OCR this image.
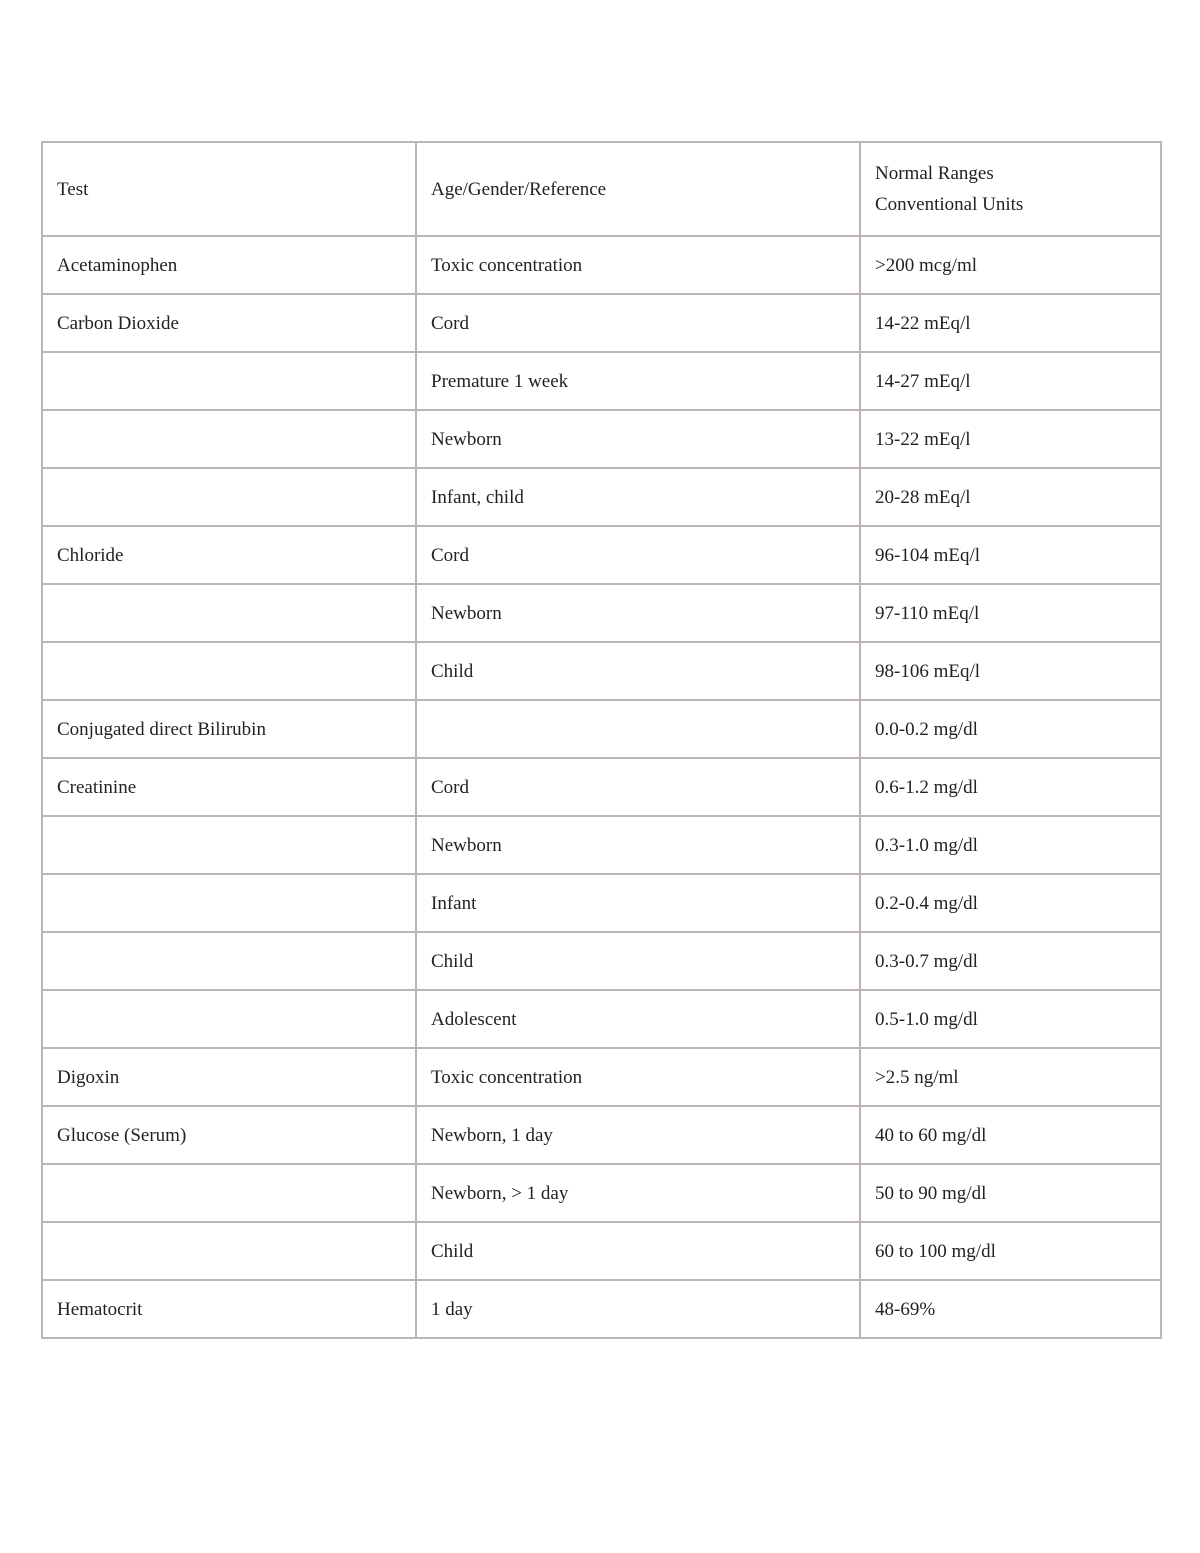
Test	Age/Gender/Reference	Normal Ranges
Conventional Units

Acetaminophen	Toxic concentration	>200 mcg/ml
Carbon Dioxide	Cord	14-22 mEq/l
	Premature 1 week	14-27 mEq/l
	Newborn	13-22 mEq/l
	Infant, child	20-28 mEq/l
Chloride	Cord	96-104 mEq/l
	Newborn	97-110 mEq/l
	Child	98-106 mEq/l
Conjugated direct Bilirubin		0.0-0.2 mg/dl
Creatinine	Cord	0.6-1.2 mg/dl
	Newborn	0.3-1.0 mg/dl
	Infant	0.2-0.4 mg/dl
	Child	0.3-0.7 mg/dl
	Adolescent	0.5-1.0 mg/dl
Digoxin	Toxic concentration	>2.5 ng/ml
Glucose (Serum)	Newborn, 1 day	40 to 60 mg/dl
	Newborn, > 1 day	50 to 90 mg/dl
	Child	60 to 100 mg/dl
Hematocrit	1 day	48-69%
